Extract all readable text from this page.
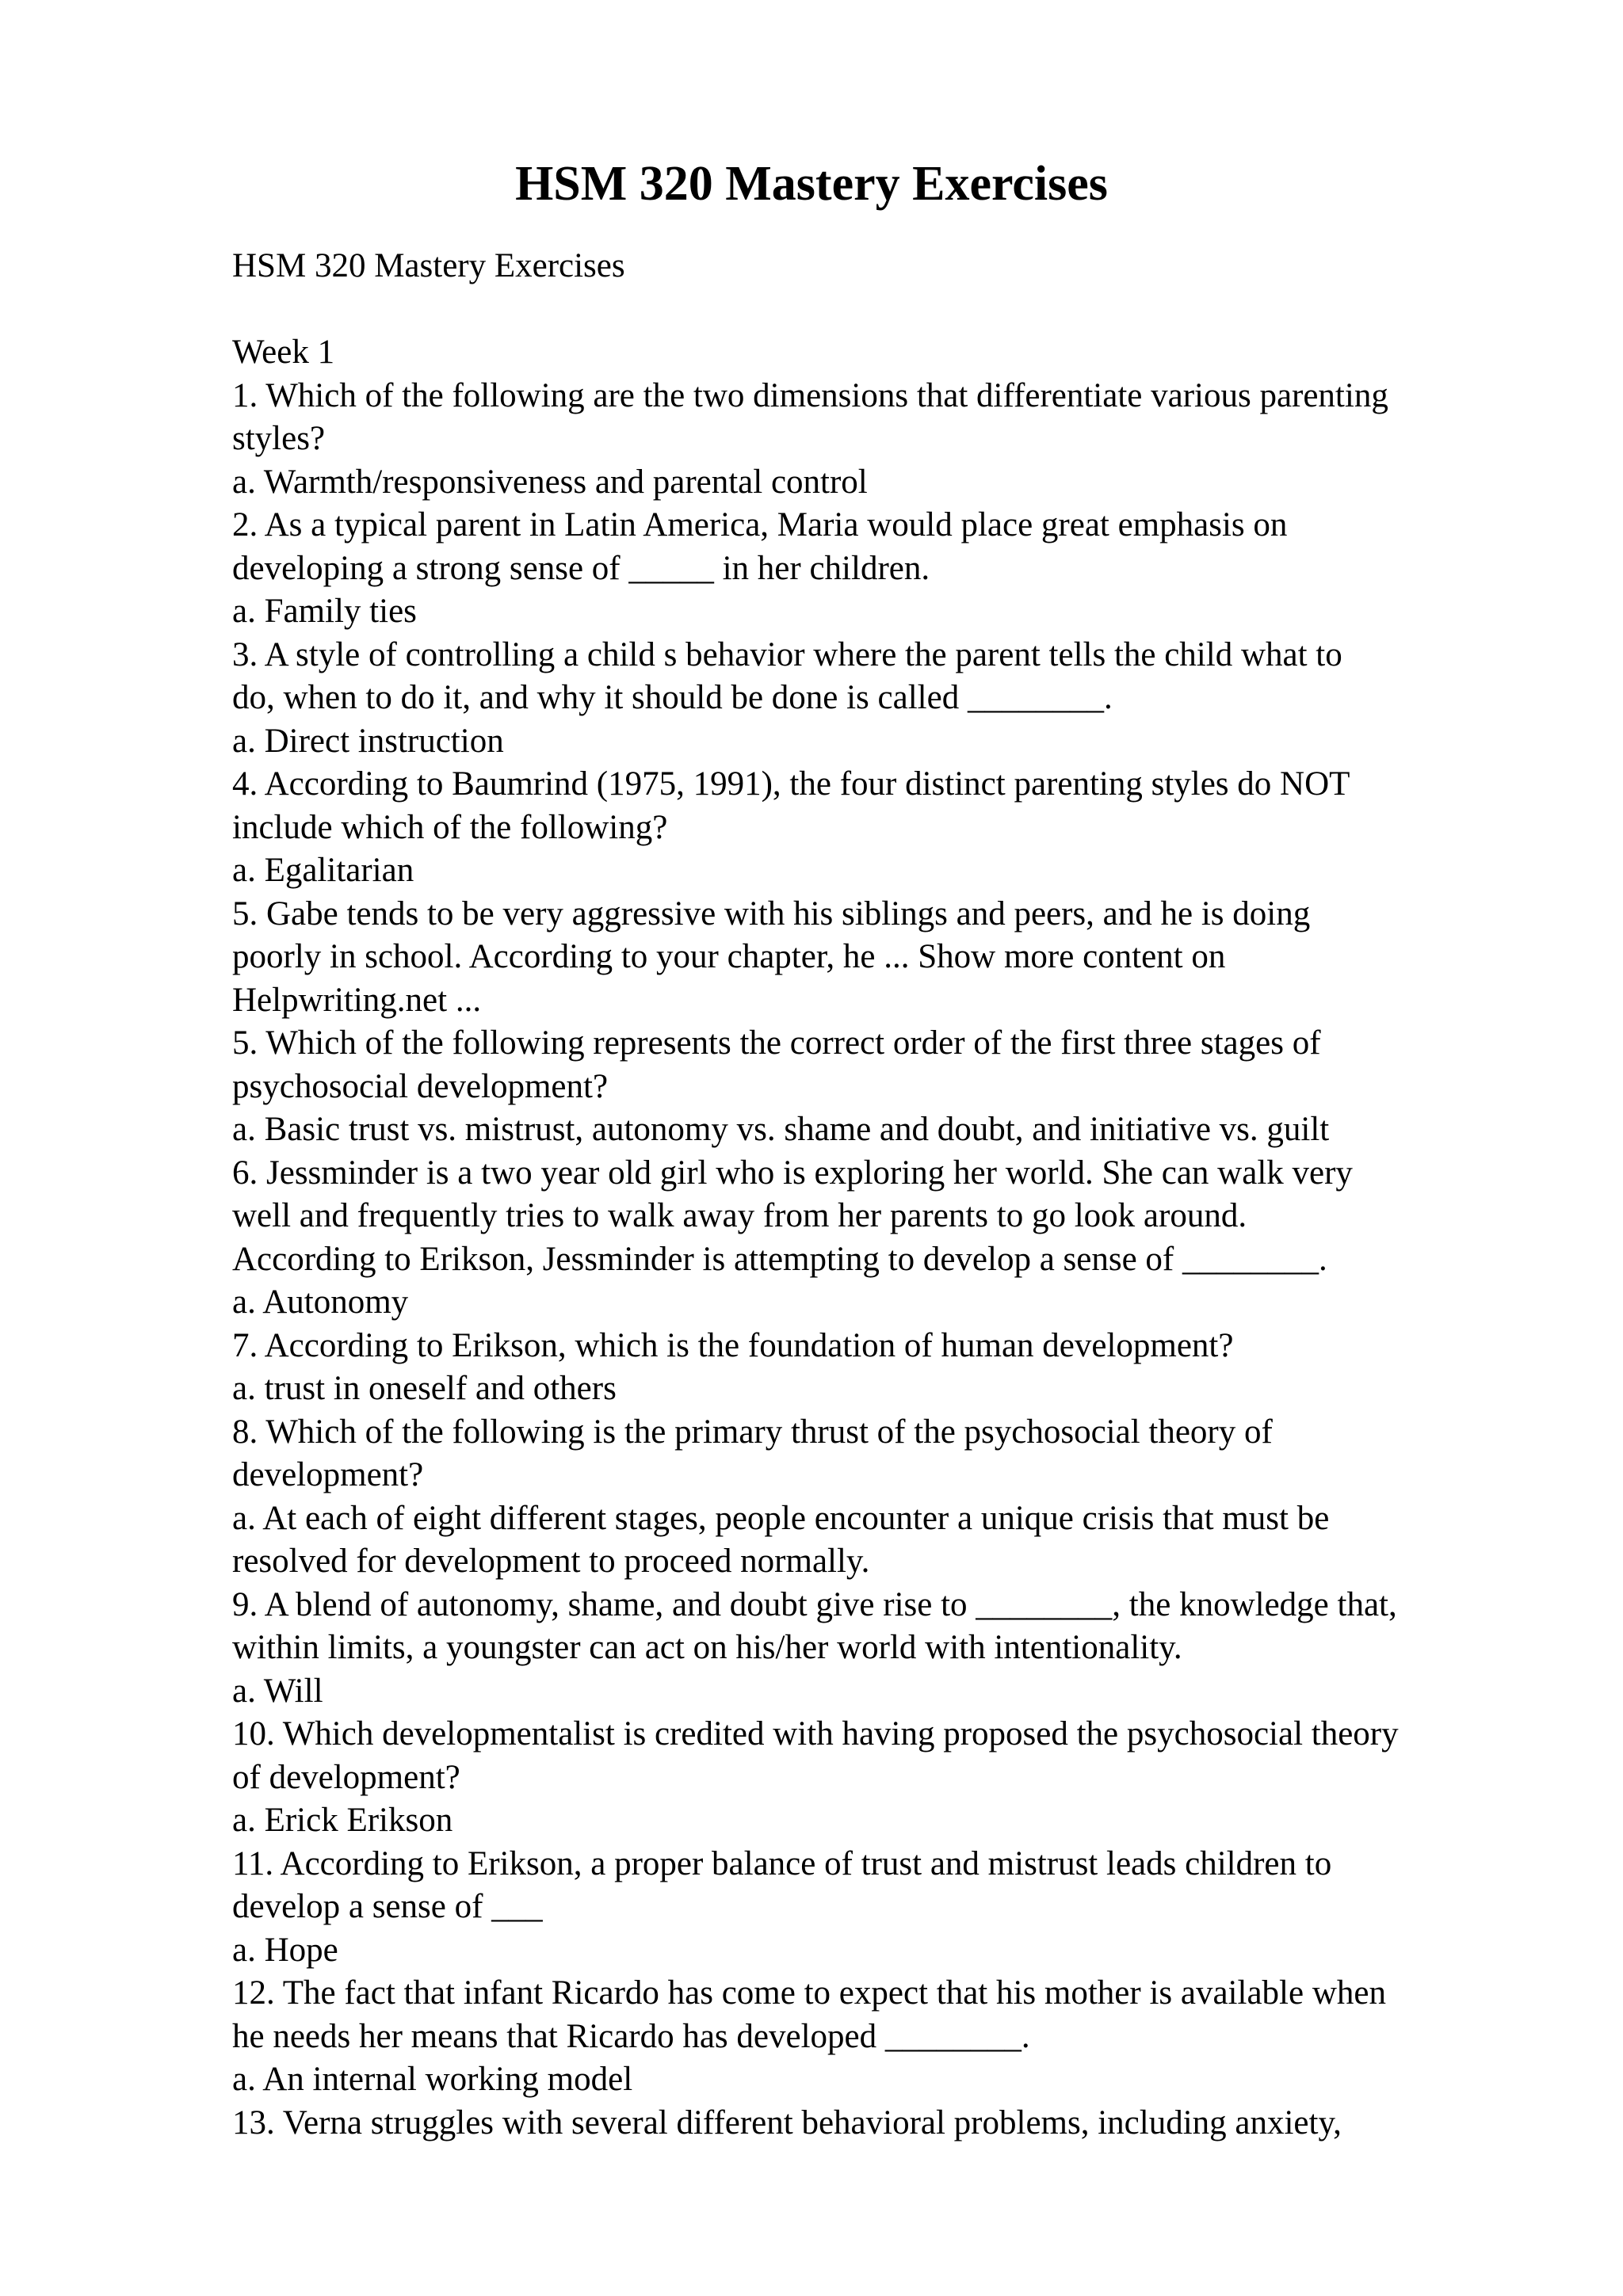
HSM 320 Mastery Exercises

HSM 320 Mastery Exercises

Week 1

1. Which of the following are the two dimensions that differentiate various parenting
styles?
a. Warmth/responsiveness and parental control
2. As a typical parent in Latin America, Maria would place great emphasis on
developing a strong sense of _____ in her children.
a. Family ties
3. A style of controlling a child s behavior where the parent tells the child what to
do, when to do it, and why it should be done is called ________.
a. Direct instruction
4. According to Baumrind (1975, 1991), the four distinct parenting styles do NOT
include which of the following?
a. Egalitarian
5. Gabe tends to be very aggressive with his siblings and peers, and he is doing
poorly in school. According to your chapter, he ... Show more content on
Helpwriting.net ...
5. Which of the following represents the correct order of the first three stages of
psychosocial development?
a. Basic trust vs. mistrust, autonomy vs. shame and doubt, and initiative vs. guilt
6. Jessminder is a two year old girl who is exploring her world. She can walk very
well and frequently tries to walk away from her parents to go look around.
According to Erikson, Jessminder is attempting to develop a sense of ________.
a. Autonomy
7. According to Erikson, which is the foundation of human development?
a. trust in oneself and others
8. Which of the following is the primary thrust of the psychosocial theory of
development?
a. At each of eight different stages, people encounter a unique crisis that must be
resolved for development to proceed normally.
9. A blend of autonomy, shame, and doubt give rise to ________, the knowledge that,
within limits, a youngster can act on his/her world with intentionality.
a. Will
10. Which developmentalist is credited with having proposed the psychosocial theory
of development?
a. Erick Erikson
11. According to Erikson, a proper balance of trust and mistrust leads children to
develop a sense of ___
a. Hope
12. The fact that infant Ricardo has come to expect that his mother is available when
he needs her means that Ricardo has developed ________.
a. An internal working model
13. Verna struggles with several different behavioral problems, including anxiety,
